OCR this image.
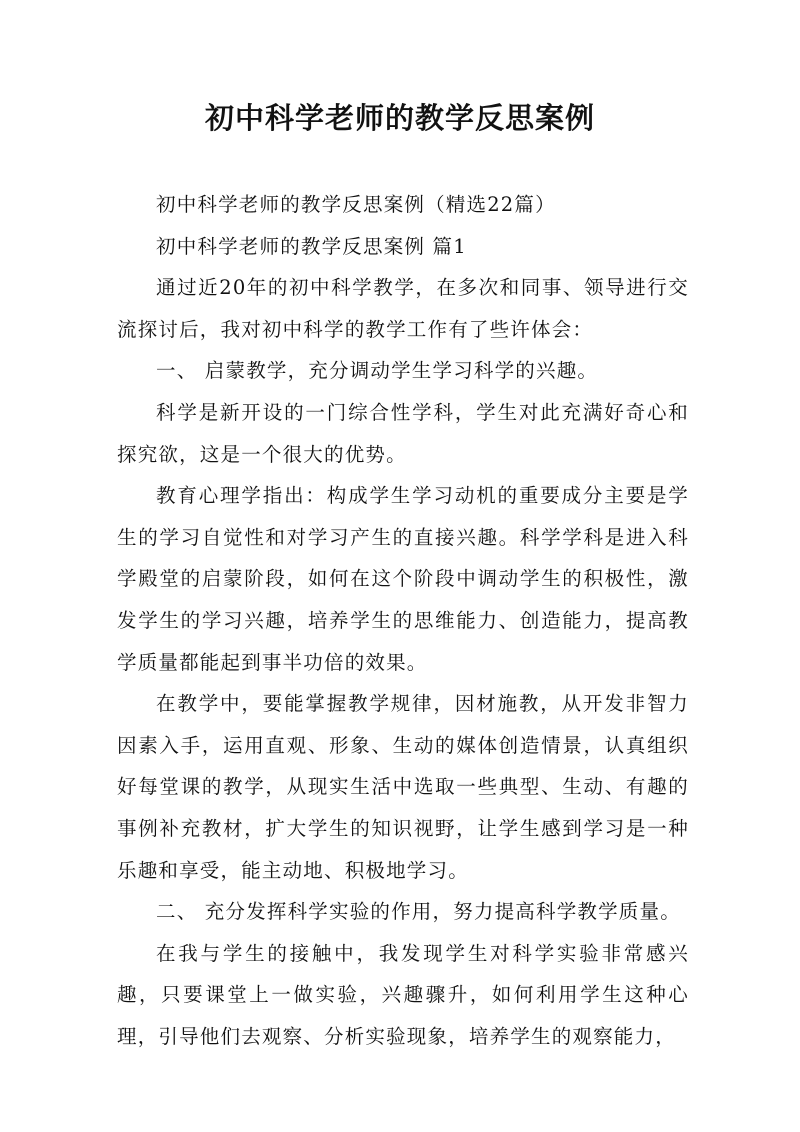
初中科学老师的教学反思案例

初中科学老师的教学反思案例（精选22篇）

初中科学老师的教学反思案例 篇1

通过近20年的初中科学教学，在多次和同事、领导进行交流探讨后，我对初中科学的教学工作有了些许体会：

一、 启蒙教学，充分调动学生学习科学的兴趣。

科学是新开设的一门综合性学科，学生对此充满好奇心和探究欲，这是一个很大的优势。

教育心理学指出：构成学生学习动机的重要成分主要是学生的学习自觉性和对学习产生的直接兴趣。科学学科是进入科学殿堂的启蒙阶段，如何在这个阶段中调动学生的积极性，激发学生的学习兴趣，培养学生的思维能力、创造能力，提高教学质量都能起到事半功倍的效果。

在教学中，要能掌握教学规律，因材施教，从开发非智力因素入手，运用直观、形象、生动的媒体创造情景，认真组织好每堂课的教学，从现实生活中选取一些典型、生动、有趣的事例补充教材，扩大学生的知识视野，让学生感到学习是一种乐趣和享受，能主动地、积极地学习。

二、 充分发挥科学实验的作用，努力提高科学教学质量。

在我与学生的接触中，我发现学生对科学实验非常感兴趣，只要课堂上一做实验，兴趣骤升，如何利用学生这种心理，引导他们去观察、分析实验现象，培养学生的观察能力，
